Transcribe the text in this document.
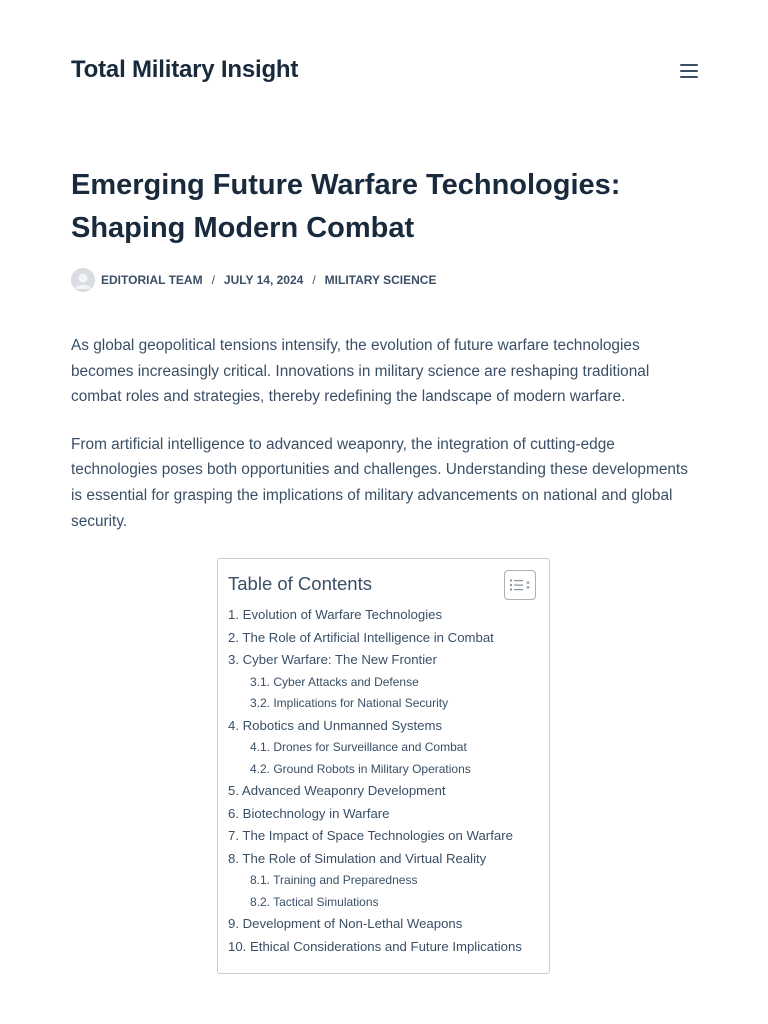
Total Military Insight
Emerging Future Warfare Technologies: Shaping Modern Combat
EDITORIAL TEAM / JULY 14, 2024 / MILITARY SCIENCE

As global geopolitical tensions intensify, the evolution of future warfare technologies becomes increasingly critical. Innovations in military science are reshaping traditional combat roles and strategies, thereby redefining the landscape of modern warfare.

From artificial intelligence to advanced weaponry, the integration of cutting-edge technologies poses both opportunities and challenges. Understanding these developments is essential for grasping the implications of military advancements on national and global security.

Table of Contents
1. Evolution of Warfare Technologies
2. The Role of Artificial Intelligence in Combat
3. Cyber Warfare: The New Frontier
3.1. Cyber Attacks and Defense
3.2. Implications for National Security
4. Robotics and Unmanned Systems
4.1. Drones for Surveillance and Combat
4.2. Ground Robots in Military Operations
5. Advanced Weaponry Development
6. Biotechnology in Warfare
7. The Impact of Space Technologies on Warfare
8. The Role of Simulation and Virtual Reality
8.1. Training and Preparedness
8.2. Tactical Simulations
9. Development of Non-Lethal Weapons
10. Ethical Considerations and Future Implications
